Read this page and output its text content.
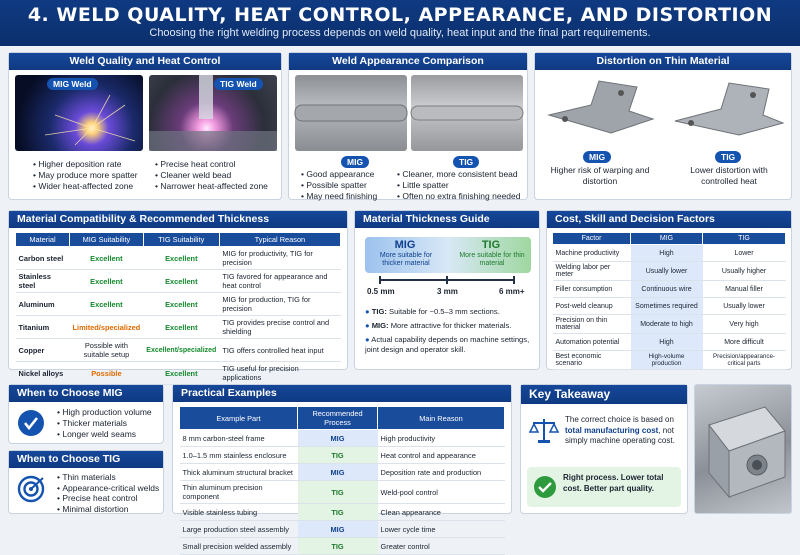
4. WELD QUALITY, HEAT CONTROL, APPEARANCE, AND DISTORTION

Choosing the right welding process depends on weld quality, heat input and the final part requirements.

Weld Quality and Heat Control
MIG Weld	TIG Weld
• Higher deposition rate
• May produce more spatter
• Wider heat-affected zone
• Precise heat control
• Cleaner weld bead
• Narrower heat-affected zone
Weld Appearance Comparison
MIG	TIG
• Good appearance
• Possible spatter
• May need finishing
• Cleaner, more consistent bead
• Little spatter
• Often no extra finishing needed
Distortion on Thin Material
MIG	TIG
Higher risk of warping and distortion
Lower distortion with controlled heat
Material Compatibility & Recommended Thickness
Material	MIG Suitability	TIG Suitability	Typical Reason
Carbon steel	Excellent	Excellent	MIG for productivity, TIG for precision
Stainless steel	Excellent	Excellent	TIG favored for appearance and heat control
Aluminum	Excellent	Excellent	MIG for production, TIG for precision
Titanium	Limited/specialized	Excellent	TIG provides precise control and shielding
Copper	Possible with suitable setup	Excellent/specialized	TIG offers controlled heat input
Nickel alloys	Possible	Excellent	TIG useful for precision applications
Material Thickness Guide
MIG
More suitable for thicker material
TIG
More suitable for thin material
0.5 mm	3 mm	6 mm+
● TIG: Suitable for ~0.5–3 mm sections.
● MIG: More attractive for thicker materials.
● Actual capability depends on machine settings, joint design and operator skill.
Cost, Skill and Decision Factors
Factor	MIG	TIG
Machine productivity	High	Lower
Welding labor per meter	Usually lower	Usually higher
Filler consumption	Continuous wire	Manual filler
Post-weld cleanup	Sometimes required	Usually lower
Precision on thin material	Moderate to high	Very high
Automation potential	High	More difficult
Best economic scenario	High-volume production	Precision/appearance-critical parts
When to Choose MIG
• High production volume
• Thicker materials
• Longer weld seams
When to Choose TIG
• Thin materials
• Appearance-critical welds
• Precise heat control
• Minimal distortion
Practical Examples
Example Part	Recommended Process	Main Reason
8 mm carbon-steel frame	MIG	High productivity
1.0–1.5 mm stainless enclosure	TIG	Heat control and appearance
Thick aluminum structural bracket	MIG	Deposition rate and production
Thin aluminum precision component	TIG	Weld-pool control
Visible stainless tubing	TIG	Clean appearance
Large production steel assembly	MIG	Lower cycle time
Small precision welded assembly	TIG	Greater control
Key Takeaway
The correct choice is based on total manufacturing cost, not simply machine operating cost.
Right process. Lower total cost. Better part quality.
